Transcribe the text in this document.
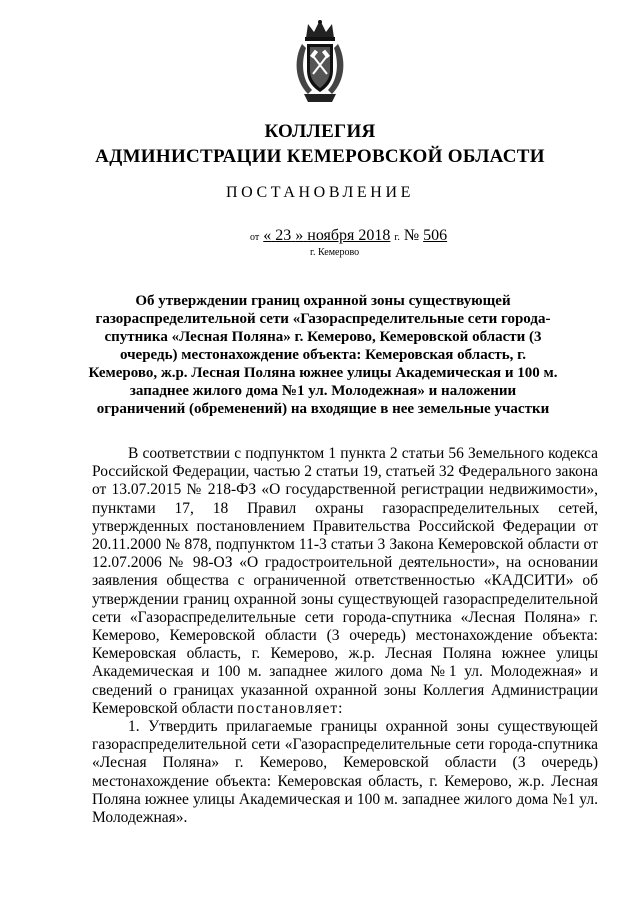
КОЛЛЕГИЯ
АДМИНИСТРАЦИИ КЕМЕРОВСКОЙ ОБЛАСТИ
ПОСТАНОВЛЕНИЕ
от « 23 » ноября 2018 г. № 506
г. Кемерово

Об утверждении границ охранной зоны существующей газораспределительной сети «Газораспределительные сети города-спутника «Лесная Поляна» г. Кемерово, Кемеровской области (3 очередь) местонахождение объекта: Кемеровская область, г. Кемерово, ж.р. Лесная Поляна южнее улицы Академическая и 100 м. западнее жилого дома №1 ул. Молодежная» и наложении ограничений (обременений) на входящие в нее земельные участки

В соответствии с подпунктом 1 пункта 2 статьи 56 Земельного кодекса Российской Федерации, частью 2 статьи 19, статьей 32 Федерального закона от 13.07.2015 № 218-ФЗ «О государственной регистрации недвижимости», пунктами 17, 18 Правил охраны газораспределительных сетей, утвержденных постановлением Правительства Российской Федерации от 20.11.2000 № 878, подпунктом 11-3 статьи 3 Закона Кемеровской области от 12.07.2006 № 98-ОЗ «О градостроительной деятельности», на основании заявления общества с ограниченной ответственностью «КАДСИТИ» об утверждении границ охранной зоны существующей газораспределительной сети «Газораспределительные сети города-спутника «Лесная Поляна» г. Кемерово, Кемеровской области (3 очередь) местонахождение объекта: Кемеровская область, г. Кемерово, ж.р. Лесная Поляна южнее улицы Академическая и 100 м. западнее жилого дома №1 ул. Молодежная» и сведений о границах указанной охранной зоны Коллегия Администрации Кемеровской области постановляет:

1. Утвердить прилагаемые границы охранной зоны существующей газораспределительной сети «Газораспределительные сети города-спутника «Лесная Поляна» г. Кемерово, Кемеровской области (3 очередь) местонахождение объекта: Кемеровская область, г. Кемерово, ж.р. Лесная Поляна южнее улицы Академическая и 100 м. западнее жилого дома №1 ул. Молодежная».
